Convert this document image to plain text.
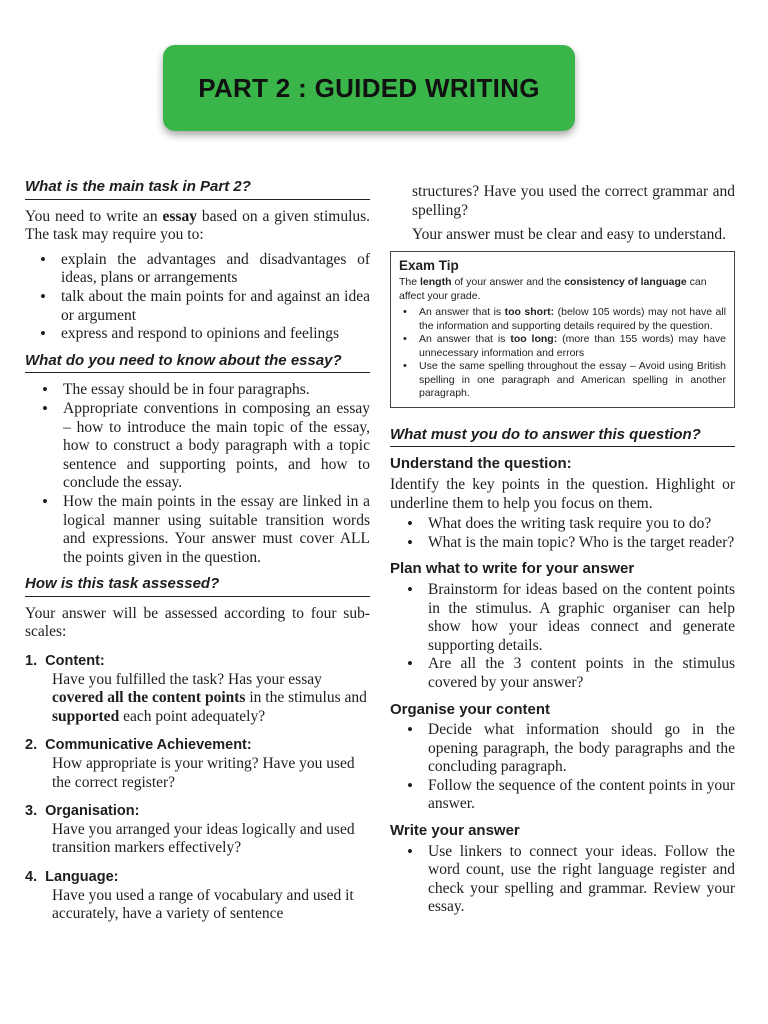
PART 2 : GUIDED WRITING
What is the main task in Part 2?

You need to write an essay based on a given stimulus. The task may require you to:

• explain the advantages and disadvantages of ideas, plans or arrangements
• talk about the main points for and against an idea or argument
• express and respond to opinions and feelings
What do you need to know about the essay?
• The essay should be in four paragraphs.
• Appropriate conventions in composing an essay – how to introduce the main topic of the essay, how to construct a body paragraph with a topic sentence and supporting points, and how to conclude the essay.
• How the main points in the essay are linked in a logical manner using suitable transition words and expressions. Your answer must cover ALL the points given in the question.
How is this task assessed?

Your answer will be assessed according to four sub-scales:

1. Content:
Have you fulfilled the task? Has your essay covered all the content points in the stimulus and supported each point adequately?
2. Communicative Achievement:
How appropriate is your writing? Have you used the correct register?
3. Organisation:
Have you arranged your ideas logically and used transition markers effectively?
4. Language:
Have you used a range of vocabulary and used it accurately, have a variety of sentence

structures? Have you used the correct grammar and spelling?

Your answer must be clear and easy to understand.

Exam Tip

The length of your answer and the consistency of language can affect your grade.

• An answer that is too short: (below 105 words) may not have all the information and supporting details required by the question.
• An answer that is too long: (more than 155 words) may have unnecessary information and errors
• Use the same spelling throughout the essay – Avoid using British spelling in one paragraph and American spelling in another paragraph.
What must you do to answer this question?
Understand the question:

Identify the key points in the question. Highlight or underline them to help you focus on them.

• What does the writing task require you to do?
• What is the main topic? Who is the target reader?
Plan what to write for your answer
• Brainstorm for ideas based on the content points in the stimulus. A graphic organiser can help show how your ideas connect and generate supporting details.
• Are all the 3 content points in the stimulus covered by your answer?
Organise your content
• Decide what information should go in the opening paragraph, the body paragraphs and the concluding paragraph.
• Follow the sequence of the content points in your answer.
Write your answer
• Use linkers to connect your ideas. Follow the word count, use the right language register and check your spelling and grammar. Review your essay.
